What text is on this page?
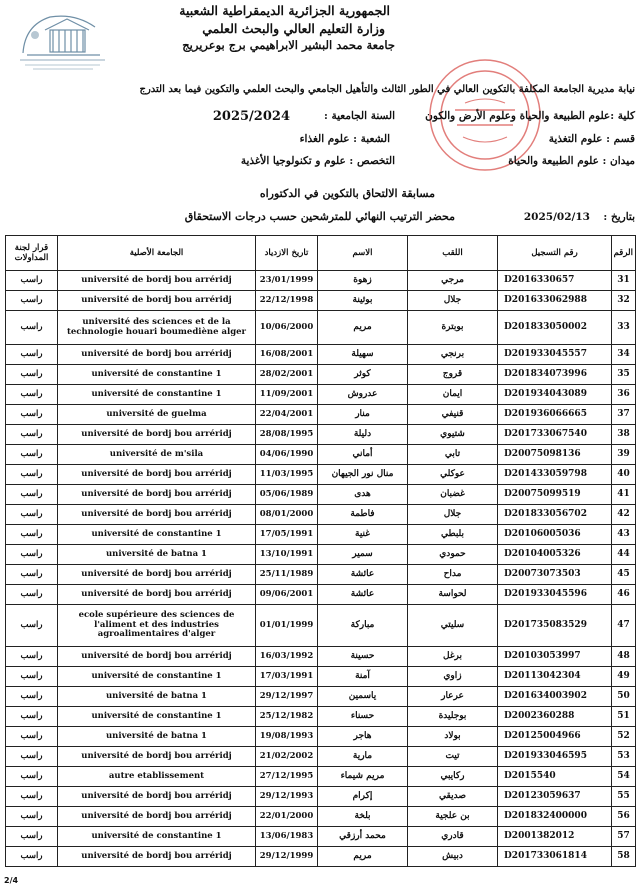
الجمهورية الجزائرية الديمقراطية الشعبية
وزارة التعليم العالي والبحث العلمي
جامعة محمد البشير الابراهيمي برج بوعريريج
نيابة مديرية الجامعة المكلفة بالتكوين العالي في الطور الثالث والتأهيل الجامعي والبحث العلمي والتكوين فيما بعد التدرج
كلية :علوم الطبيعة والحياة وعلوم الأرض والكون
قسم : علوم التغذية
ميدان : علوم الطبيعة والحياة
السنة الجامعية :
2025/2024
الشعبة : علوم الغذاء
التخصص : علوم و تكنولوجيا الأغذية
مسابقة الالتحاق بالتكوين في الدكتوراه
محضر الترتيب النهائي للمترشحين حسب درجات الاستحقاق	بتاريخ :
2025/02/13
الرقم	رقم التسجيل	اللقب	الاسم	تاريخ الازدياد	الجامعة الأصلية	قرار لجنة المداولات
31	D2016330657	مرجي	زهوة	23/01/1999	université de bordj bou arréridj	راسب
32	D201633062988	جلال	بوثينة	22/12/1998	université de bordj bou arréridj	راسب
33	D201833050002	بوبترة	مريم	10/06/2000	université des sciences et de la technologie houari boumediène alger	راسب
34	D201933045557	برنجي	سهيلة	16/08/2001	université de bordj bou arréridj	راسب
35	D201834073996	قروج	كوثر	28/02/2001	université de constantine 1	راسب
36	D201934043089	ايمان	عدروش	11/09/2001	université de constantine 1	راسب
37	D201936066665	قنيفي	منار	22/04/2001	université de guelma	راسب
38	D201733067540	شتيوي	دليلة	28/08/1995	université de bordj bou arréridj	راسب
39	D20075098136	تابي	أماني	04/06/1990	université de m'sila	راسب
40	D201433059798	عوكلي	منال نور الجيهان	11/03/1995	université de bordj bou arréridj	راسب
41	D20075099519	غضبان	هدى	05/06/1989	université de bordj bou arréridj	راسب
42	D201833056702	جلال	فاطمة	08/01/2000	université de bordj bou arréridj	راسب
43	D20106005036	بلبطي	غنية	17/05/1991	université de constantine 1	راسب
44	D20104005326	حمودي	سمير	13/10/1991	université de batna 1	راسب
45	D20073073503	مداح	عائشة	25/11/1989	université de bordj bou arréridj	راسب
46	D201933045596	لحواسة	عائشة	09/06/2001	université de bordj bou arréridj	راسب
47	D201735083529	سليتي	مباركة	01/01/1999	ecole supérieure des sciences de l'aliment et des industries agroalimentaires d'alger	راسب
48	D20103053997	برغل	حسينة	16/03/1992	université de bordj bou arréridj	راسب
49	D20113042304	زاوي	آمنة	17/03/1991	université de constantine 1	راسب
50	D201634003902	عرعار	ياسمين	29/12/1997	université de batna 1	راسب
51	D2002360288	بوجليدة	حسناء	25/12/1982	université de constantine 1	راسب
52	D20125004966	بولاد	هاجر	19/08/1993	université de batna 1	راسب
53	D201933046595	تيت	مارية	21/02/2002	université de bordj bou arréridj	راسب
54	D2015540	ركايبي	مريم شيماء	27/12/1995	autre etablissement	راسب
55	D20123059637	صديقي	إكرام	29/12/1993	université de bordj bou arréridj	راسب
56	D201832400000	بن علجية	بلخة	22/01/2000	université de bordj bou arréridj	راسب
57	D2001382012	قادري	محمد أرزقي	13/06/1983	université de constantine 1	راسب
58	D201733061814	دبيش	مريم	29/12/1999	université de bordj bou arréridj	راسب
2/4
